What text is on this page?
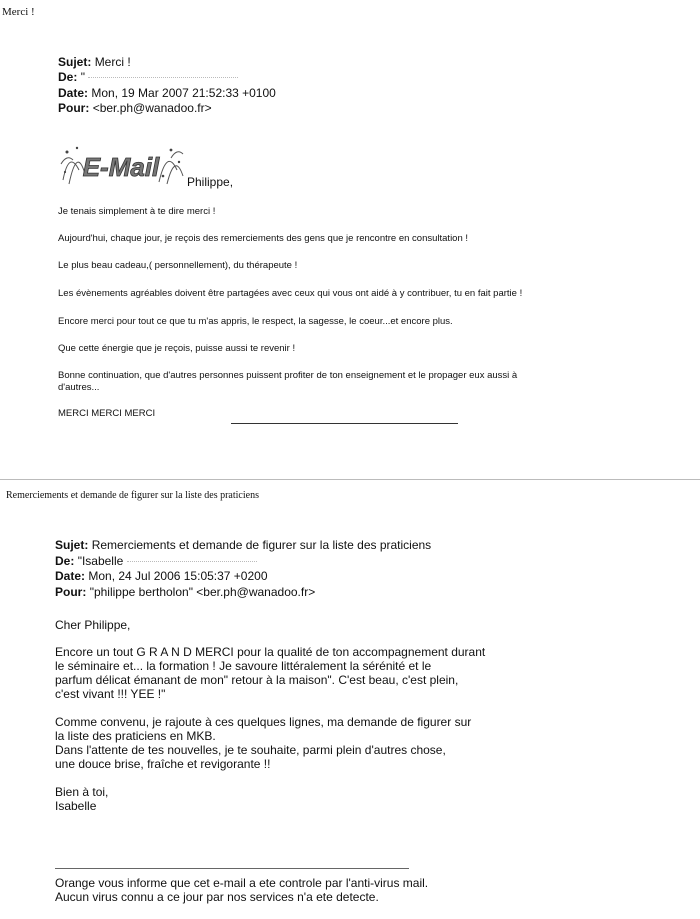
Merci !
Sujet: Merci !
De: "
Date: Mon, 19 Mar 2007 21:52:33 +0100
Pour: <ber.ph@wanadoo.fr>
E-Mail Philippe,
Je tenais simplement à te dire merci !
Aujourd'hui, chaque jour, je reçois des remerciements des gens que je rencontre en consultation !
Le plus beau cadeau,( personnellement), du thérapeute !
Les évènements agréables doivent être partagées avec ceux qui vous ont aidé à y contribuer, tu en fait partie !
Encore merci pour tout ce que tu m'as appris, le respect, la sagesse, le coeur...et encore plus.
Que cette énergie que je reçois, puisse aussi te revenir !
Bonne continuation, que d'autres personnes puissent profiter de ton enseignement et le propager eux aussi à
d'autres...
MERCI MERCI MERCI
Remerciements et demande de figurer sur la liste des praticiens
Sujet: Remerciements et demande de figurer sur la liste des praticiens
De: "Isabelle
Date: Mon, 24 Jul 2006 15:05:37 +0200
Pour: "philippe bertholon" <ber.ph@wanadoo.fr>
Cher Philippe,
Encore un tout G R A N D MERCI pour la qualité de ton accompagnement durant
le séminaire et... la formation ! Je savoure littéralement la sérénité et le
parfum délicat émanant de mon" retour à la maison". C'est beau, c'est plein,
c'est vivant !!! YEE !"
Comme convenu, je rajoute à ces quelques lignes, ma demande de figurer sur
la liste des praticiens en MKB.
Dans l'attente de tes nouvelles, je te souhaite, parmi plein d'autres chose,
une douce brise, fraîche et revigorante !!
Bien à toi,
Isabelle
Orange vous informe que cet e-mail a ete controle par l'anti-virus mail.
Aucun virus connu a ce jour par nos services n'a ete detecte.
